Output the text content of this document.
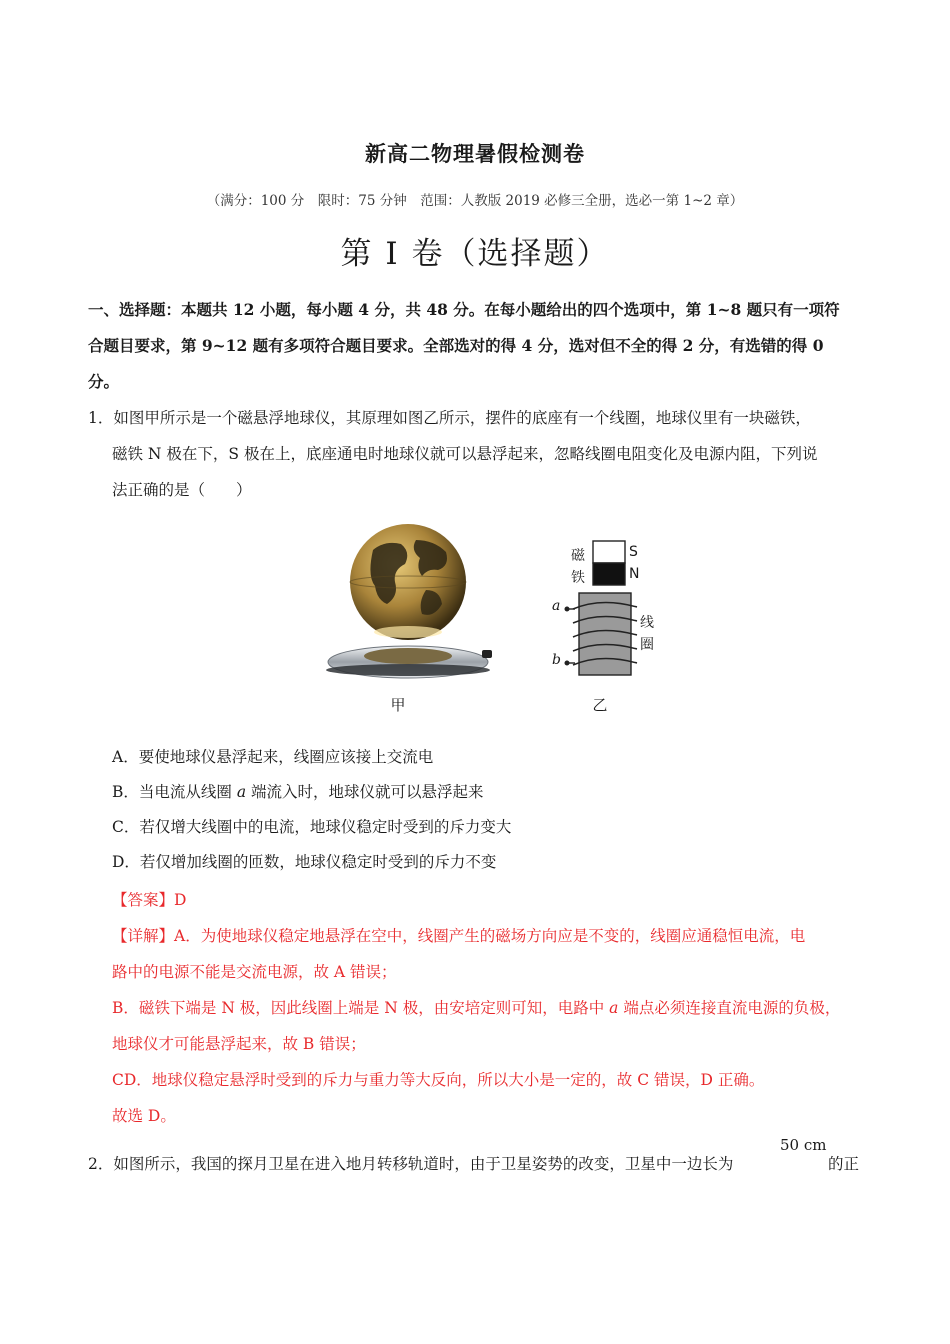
新高二物理暑假检测卷
（满分：100 分　限时：75 分钟　范围：人教版 2019 必修三全册，选必一第 1~2 章）
第 I 卷（选择题）
一、选择题：本题共 12 小题，每小题 4 分，共 48 分。在每小题给出的四个选项中，第 1~8 题只有一项符
合题目要求，第 9~12 题有多项符合题目要求。全部选对的得 4 分，选对但不全的得 2 分，有选错的得 0
分。
1．如图甲所示是一个磁悬浮地球仪，其原理如图乙所示，摆件的底座有一个线圈，地球仪里有一块磁铁，
磁铁 N 极在下，S 极在上，底座通电时地球仪就可以悬浮起来，忽略线圈电阻变化及电源内阻，下列说
法正确的是（　　）
甲
磁
铁
S
N
a
b
线
圈
乙
A．要使地球仪悬浮起来，线圈应该接上交流电
B．当电流从线圈 a 端流入时，地球仪就可以悬浮起来
C．若仅增大线圈中的电流，地球仪稳定时受到的斥力变大
D．若仅增加线圈的匝数，地球仪稳定时受到的斥力不变
【答案】D
【详解】A．为使地球仪稳定地悬浮在空中，线圈产生的磁场方向应是不变的，线圈应通稳恒电流，电
路中的电源不能是交流电源，故 A 错误；
B．磁铁下端是 N 极，因此线圈上端是 N 极，由安培定则可知，电路中 a 端点必须连接直流电源的负极，
地球仪才可能悬浮起来，故 B 错误；
CD．地球仪稳定悬浮时受到的斥力与重力等大反向，所以大小是一定的，故 C 错误，D 正确。
故选 D。
50 cm
2．如图所示，我国的探月卫星在进入地月转移轨道时，由于卫星姿势的改变，卫星中一边长为	的正
